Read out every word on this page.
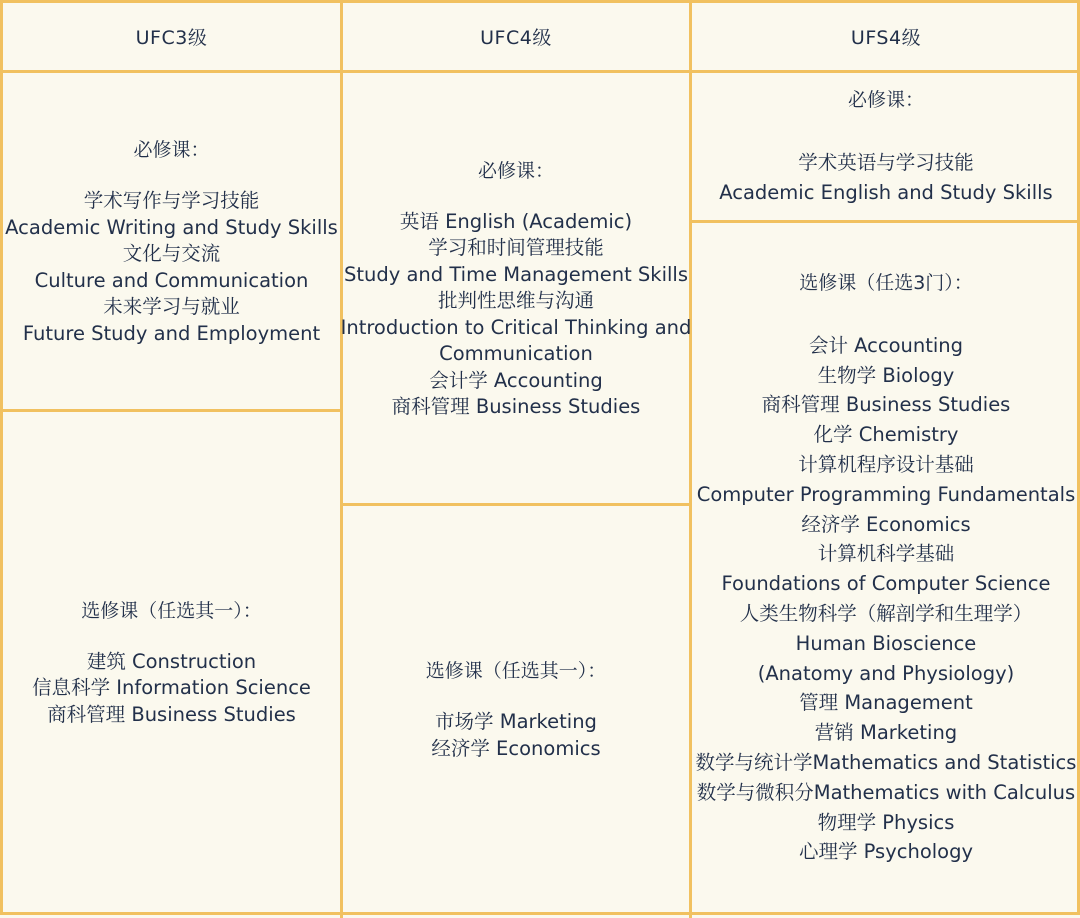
UFC3级	UFC4级	UFS4级
必修课：
学术写作与学习技能
Academic Writing and Study Skills
文化与交流
Culture and Communication
未来学习与就业
Future Study and Employment
选修课（任选其一）：
建筑 Construction
信息科学 Information Science
商科管理 Business Studies
必修课：
英语 English (Academic)
学习和时间管理技能
Study and Time Management Skills
批判性思维与沟通
Introduction to Critical Thinking and
Communication
会计学 Accounting
商科管理 Business Studies
选修课（任选其一）：
市场学 Marketing
经济学 Economics
必修课：
学术英语与学习技能
Academic English and Study Skills
选修课（任选3门）：
会计 Accounting
生物学 Biology
商科管理 Business Studies
化学 Chemistry
计算机程序设计基础
Computer Programming Fundamentals
经济学 Economics
计算机科学基础
Foundations of Computer Science
人类生物科学（解剖学和生理学）
Human Bioscience
(Anatomy and Physiology)
管理 Management
营销 Marketing
数学与统计学Mathematics and Statistics
数学与微积分Mathematics with Calculus
物理学 Physics
心理学 Psychology
